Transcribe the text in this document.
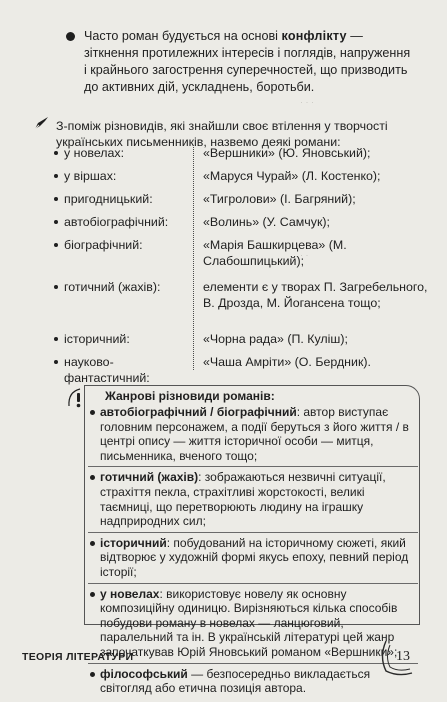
· · ·
· ·
Часто роман будується на основі конфлікту — зіткнення протилежних інтересів і поглядів, напруження і крайнього загострення суперечностей, що призводить до активних дій, ускладнень, боротьби.
З-поміж різновидів, які знайшли своє втілення у творчості українських письменників, назвемо деякі романи:
у новелах:	«Вершники» (Ю. Яновський);
у віршах:	«Маруся Чурай» (Л. Костенко);
пригодницький:	«Тигролови» (І. Багряний);
автобіографічний:	«Волинь» (У. Самчук);
біографічний:	«Марія Башкирцева» (М. Слабошпицький);
готичний (жахів):	елементи є у творах П. Загребельного, В. Дрозда, М. Йогансена тощо;
історичний:	«Чорна рада» (П. Куліш);
науково-фантастичний:
«Чаша Амріти» (О. Бердник).
Жанрові різновиди романів:
автобіографічний / біографічний: автор виступає головним персонажем, а події беруться з його життя / в центрі опису — життя історичної особи — митця, письменника, вченого тощо;
готичний (жахів): зображаються незвичні ситуації, страхіття пекла, страхітливі жорстокості, великі таємниці, що перетворюють людину на іграшку надприродних сил;
історичний: побудований на історичному сюжеті, який відтворює у художній формі якусь епоху, певний період історії;
у новелах: використовує новелу як основну композиційну одиницю. Вирізняються кілька способів побудови роману в новелах — ланцюговий, паралельний та ін. В українській літературі цей жанр започаткував Юрій Яновський романом «Вершники»;
філософський — безпосередньо викладається світогляд або етична позиція автора.
ТЕОРІЯ ЛІТЕРАТУРИ	13
